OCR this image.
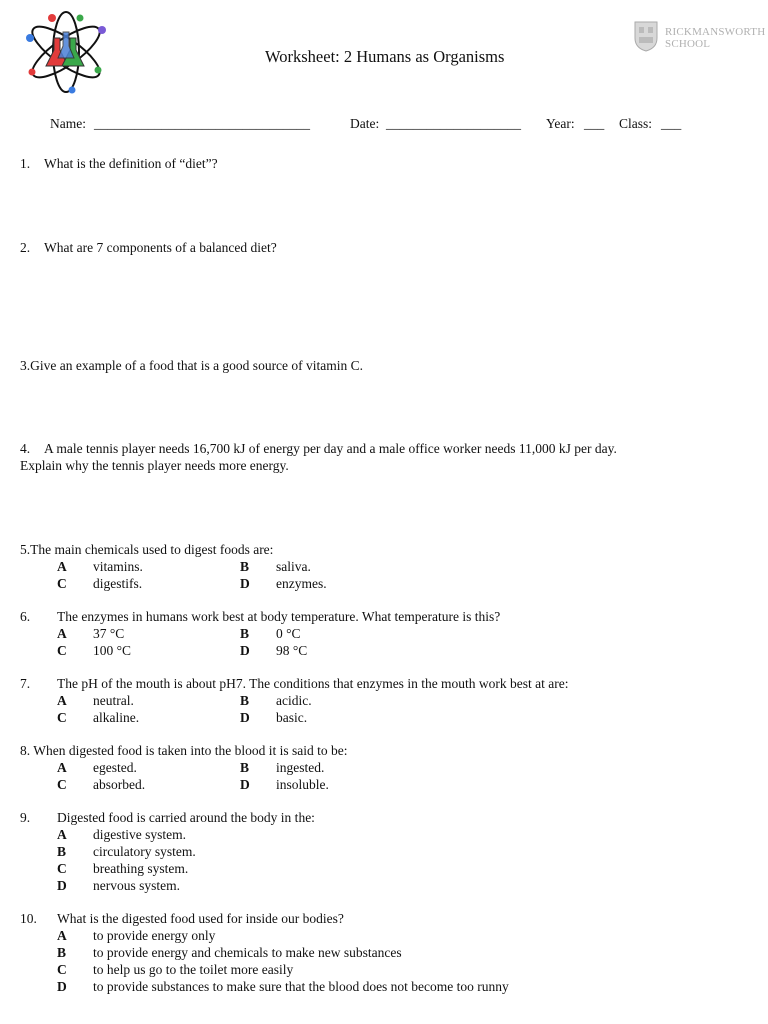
RICKMANSWORTH
SCHOOL
Worksheet: 2 Humans as Organisms
Name: ________________________________	Date: ____________________ Year: ___ Class: ___
1. What is the definition of “diet”?
2. What are 7 components of a balanced diet?
3.Give an example of a food that is a good source of vitamin C.
4. A male tennis player needs 16,700 kJ of energy per day and a male office worker needs 11,000 kJ per day.
Explain why the tennis player needs more energy.
5.The main chemicals used to digest foods are:
A vitamins.	B saliva.
C digestifs.	D enzymes.
6. The enzymes in humans work best at body temperature. What temperature is this?
A 37 °C	B 0 °C
C 100 °C	D 98 °C
7. The pH of the mouth is about pH7. The conditions that enzymes in the mouth work best at are:
A neutral.	B acidic.
C alkaline.	D basic.
8. When digested food is taken into the blood it is said to be:
A egested.	B ingested.
C absorbed.	D insoluble.
9. Digested food is carried around the body in the:
A digestive system.
B circulatory system.
C breathing system.
D nervous system.
10. What is the digested food used for inside our bodies?
A to provide energy only
B to provide energy and chemicals to make new substances
C to help us go to the toilet more easily
D to provide substances to make sure that the blood does not become too runny
